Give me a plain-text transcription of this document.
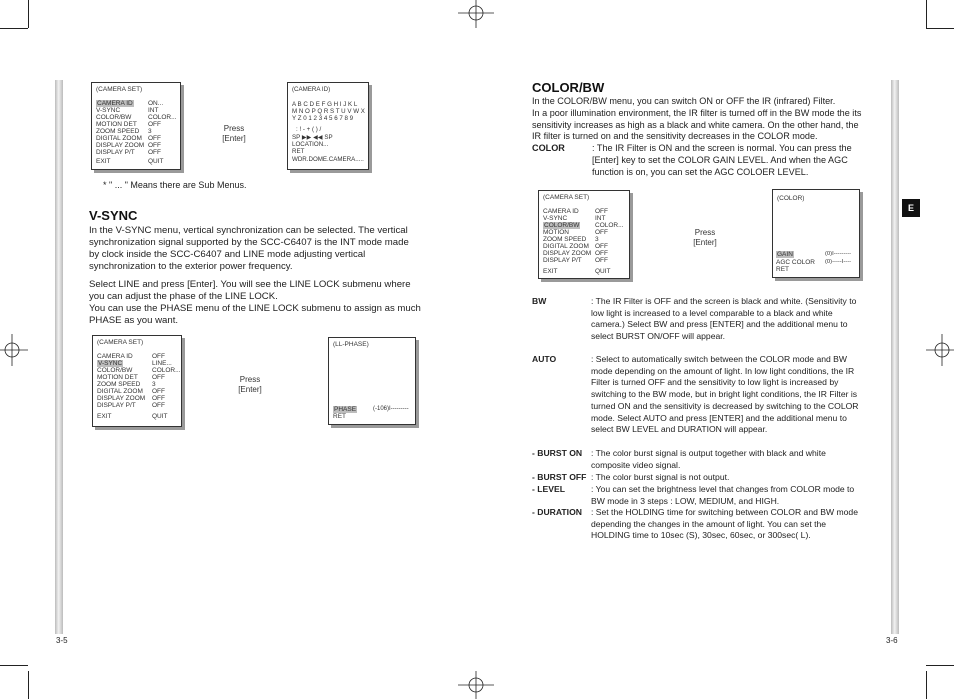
(CAMERA SET)
CAMERA ID ON...
V-SYNC	INT
COLOR/BW	COLOR...
MOTION DET OFF
ZOOM SPEED 3
DIGITAL ZOOM OFF
DISPLAY ZOOM OFF
DISPLAY P/T OFF
EXIT	QUIT
Press
[Enter]
(CAMERA ID)
A B C D E F G H I J K L
M N O P Q R S T U V W X
Y Z 0 1 2 3 4 5 6 7 8 9
: ! - + ( ) /
SP ▶▶ ◀◀ SP
LOCATION...
RET
WDR.DOME.CAMERA.....
* " ... " Means there are Sub Menus.
V-SYNC

In the V-SYNC menu, vertical synchronization can be selected. The vertical synchronization signal supported by the SCC-C6407 is the INT mode made by clock inside the SCC-C6407 and LINE mode adjusting vertical synchronization to the exterior power frequency.

Select LINE and press [Enter]. You will see the LINE LOCK submenu where you can adjust the phase of the LINE LOCK.

You can use the PHASE menu of the LINE LOCK submenu to assign as much PHASE as you want.

(CAMERA SET)
CAMERA ID	OFF
V-SYNC	LINE...
COLOR/BW	COLOR...
MOTION DET OFF
ZOOM SPEED 3
DIGITAL ZOOM OFF
DISPLAY ZOOM OFF
DISPLAY P/T OFF
EXIT	QUIT
Press
[Enter]
(LL-PHASE)
PHASE	(-106)I---------
RET
3-5
COLOR/BW

In the COLOR/BW menu, you can switch ON or OFF the IR (infrared) Filter.

In a poor illumination environment, the IR filter is turned off in the BW mode the its sensitivity increases as high as a black and white camera. On the other hand, the IR filter is turned on and the sensitivity decreases in the COLOR mode.

COLOR	: The IR Filter is ON and the screen is normal. You can press the [Enter] key to set the COLOR GAIN LEVEL. And when the AGC function is on, you can set the AGC COLOER LEVEL.
(CAMERA SET)
CAMERA ID OFF
V-SYNC	INT
COLOR/BW COLOR...
MOTION	OFF
ZOOM SPEED 3
DIGITAL ZOOM OFF
DISPLAY ZOOM OFF
DISPLAY P/T OFF
EXIT	QUIT
Press
[Enter]
(COLOR)
GAIN	(0)I---------
AGC COLOR (0)-----I----
RET
BW	: The IR Filter is OFF and the screen is black and white. (Sensitivity to low light is increased to a level comparable to a black and white camera.) Select BW and press [ENTER] and the additional menu to select BURST ON/OFF will appear.
AUTO	: Select to automatically switch between the COLOR mode and BW mode depending on the amount of light. In low light conditions, the IR Filter is turned OFF and the sensitivity to low light is increased by switching to the BW mode, but in bright light conditions, the IR Filter is turned ON and the sensitivity is decreased by switching to the COLOR mode. Select AUTO and press [ENTER] and the additional menu to select BW LEVEL and DURATION will appear.
- BURST ON : The color burst signal is output together with black and white composite video signal.
- BURST OFF : The color burst signal is not output.
- LEVEL	: You can set the brightness level that changes from COLOR mode to BW mode in 3 steps : LOW, MEDIUM, and HIGH.
- DURATION : Set the HOLDING time for switching between COLOR and BW mode depending the changes in the amount of light. You can set the HOLDING time to 10sec (S), 30sec, 60sec, or 300sec( L).
E
3-6
